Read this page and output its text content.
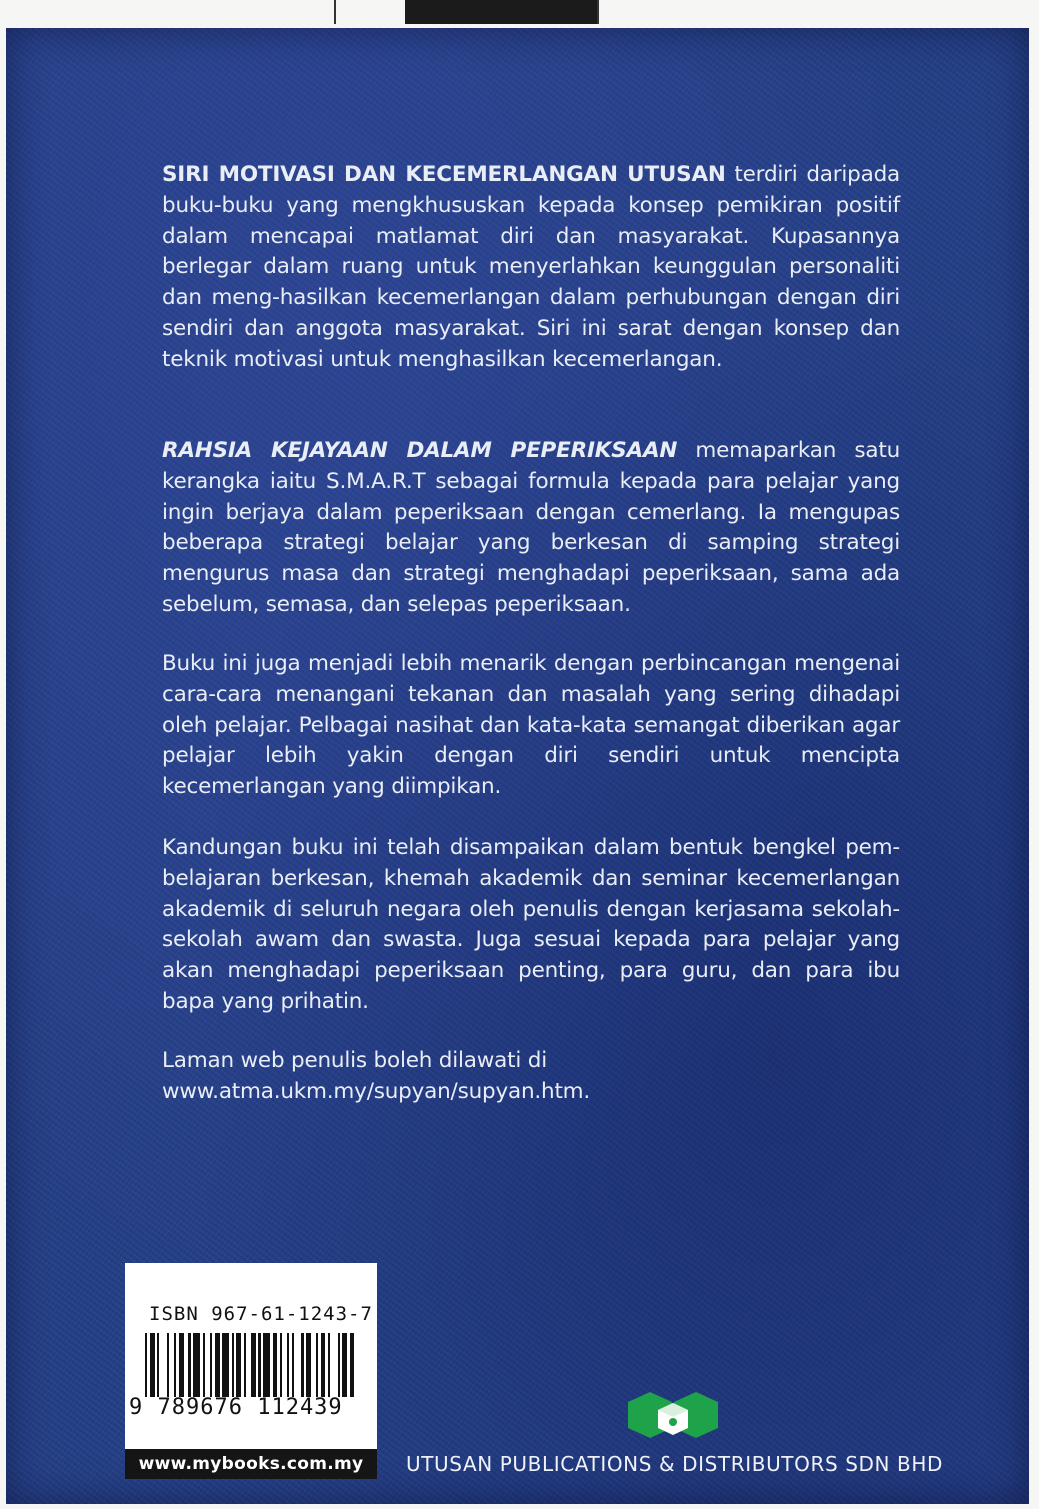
SIRI MOTIVASI DAN KECEMERLANGAN UTUSAN terdiri daripada buku-buku yang mengkhususkan kepada konsep pemikiran positif dalam mencapai matlamat diri dan masyarakat. Kupasannya berlegar dalam ruang untuk menyerlahkan keunggulan personaliti dan meng-hasilkan kecemerlangan dalam perhubungan dengan diri sendiri dan anggota masyarakat. Siri ini sarat dengan konsep dan teknik motivasi untuk menghasilkan kecemerlangan.
RAHSIA KEJAYAAN DALAM PEPERIKSAAN memaparkan satu kerangka iaitu S.M.A.R.T sebagai formula kepada para pelajar yang ingin berjaya dalam peperiksaan dengan cemerlang. Ia mengupas beberapa strategi belajar yang berkesan di samping strategi mengurus masa dan strategi menghadapi peperiksaan, sama ada sebelum, semasa, dan selepas peperiksaan.
Buku ini juga menjadi lebih menarik dengan perbincangan mengenai cara-cara menangani tekanan dan masalah yang sering dihadapi oleh pelajar. Pelbagai nasihat dan kata-kata semangat diberikan agar pelajar lebih yakin dengan diri sendiri untuk mencipta kecemerlangan yang diimpikan.
Kandungan buku ini telah disampaikan dalam bentuk bengkel pem-belajaran berkesan, khemah akademik dan seminar kecemerlangan akademik di seluruh negara oleh penulis dengan kerjasama sekolah-sekolah awam dan swasta. Juga sesuai kepada para pelajar yang akan menghadapi peperiksaan penting, para guru, dan para ibu bapa yang prihatin.
Laman web penulis boleh dilawati di
www.atma.ukm.my/supyan/supyan.htm.
ISBN 967-61-1243-7
9 789676 112439
www.mybooks.com.my	UTUSAN PUBLICATIONS & DISTRIBUTORS SDN BHD
